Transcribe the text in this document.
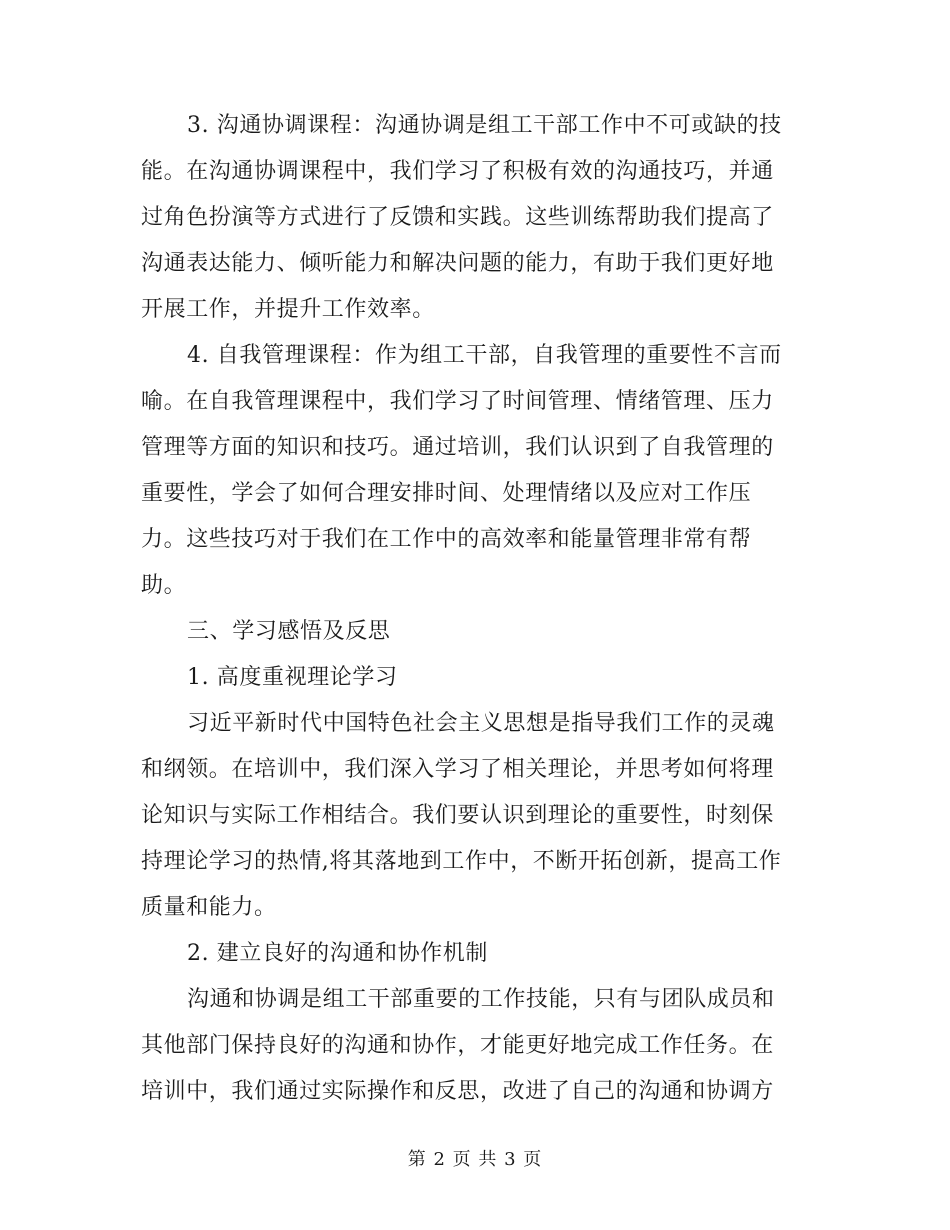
3. 沟通协调课程：沟通协调是组工干部工作中不可或缺的技
能。在沟通协调课程中，我们学习了积极有效的沟通技巧，并通
过角色扮演等方式进行了反馈和实践。这些训练帮助我们提高了
沟通表达能力、倾听能力和解决问题的能力，有助于我们更好地
开展工作，并提升工作效率。
4. 自我管理课程：作为组工干部，自我管理的重要性不言而
喻。在自我管理课程中，我们学习了时间管理、情绪管理、压力
管理等方面的知识和技巧。通过培训，我们认识到了自我管理的
重要性，学会了如何合理安排时间、处理情绪以及应对工作压
力。这些技巧对于我们在工作中的高效率和能量管理非常有帮
助。
三、学习感悟及反思
1. 高度重视理论学习
习近平新时代中国特色社会主义思想是指导我们工作的灵魂
和纲领。在培训中，我们深入学习了相关理论，并思考如何将理
论知识与实际工作相结合。我们要认识到理论的重要性，时刻保
持理论学习的热情,将其落地到工作中，不断开拓创新，提高工作
质量和能力。
2. 建立良好的沟通和协作机制
沟通和协调是组工干部重要的工作技能，只有与团队成员和
其他部门保持良好的沟通和协作，才能更好地完成工作任务。在
培训中，我们通过实际操作和反思，改进了自己的沟通和协调方
第 2 页 共 3 页
